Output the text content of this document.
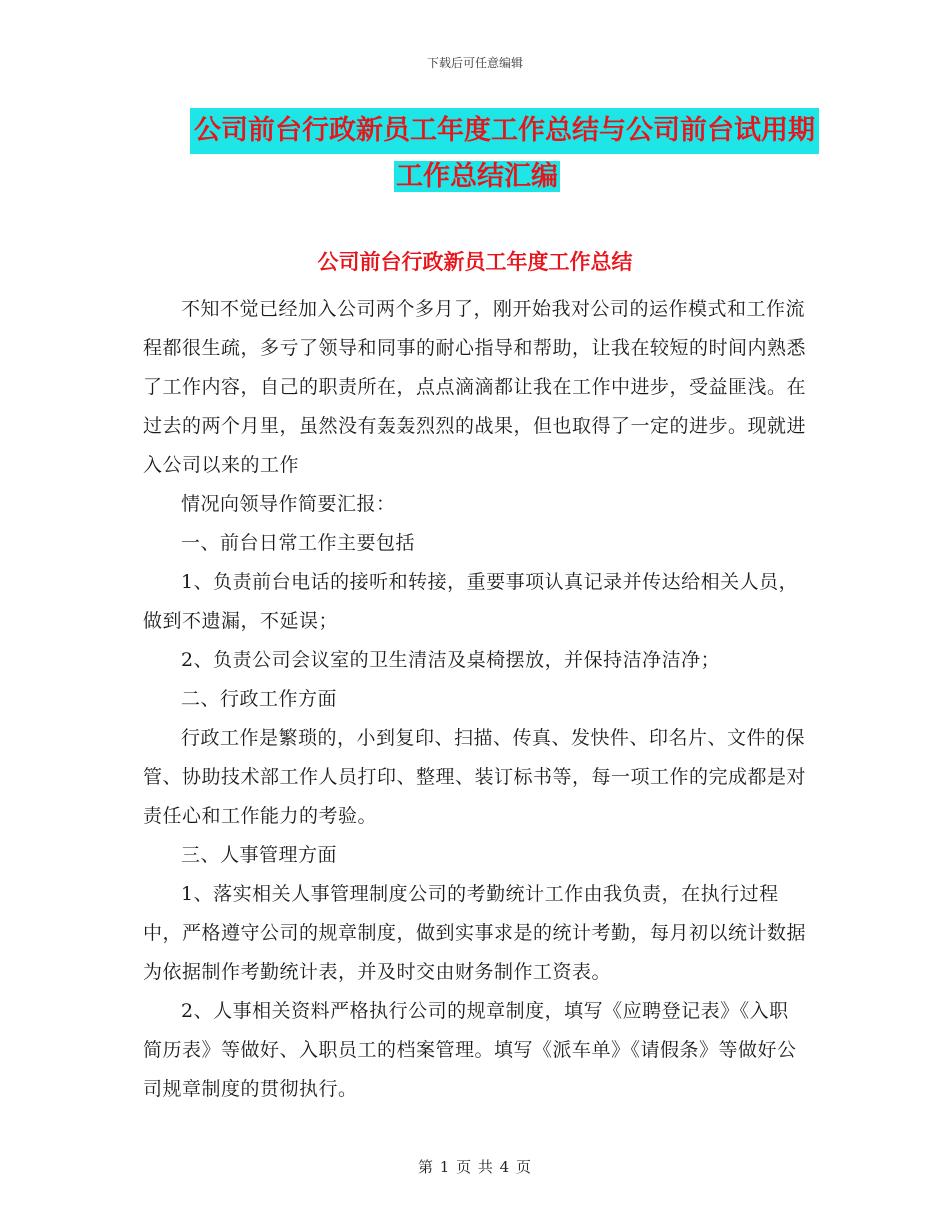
下载后可任意编辑
公司前台行政新员工年度工作总结与公司前台试用期
工作总结汇编
公司前台行政新员工年度工作总结

不知不觉已经加入公司两个多月了，刚开始我对公司的运作模式和工作流程都很生疏，多亏了领导和同事的耐心指导和帮助，让我在较短的时间内熟悉了工作内容，自己的职责所在，点点滴滴都让我在工作中进步，受益匪浅。在过去的两个月里，虽然没有轰轰烈烈的战果，但也取得了一定的进步。现就进入公司以来的工作

情况向领导作简要汇报：

一、前台日常工作主要包括

1、负责前台电话的接听和转接，重要事项认真记录并传达给相关人员，做到不遗漏，不延误；

2、负责公司会议室的卫生清洁及桌椅摆放，并保持洁净洁净；

二、行政工作方面

行政工作是繁琐的，小到复印、扫描、传真、发快件、印名片、文件的保管、协助技术部工作人员打印、整理、装订标书等，每一项工作的完成都是对责任心和工作能力的考验。

三、人事管理方面

1、落实相关人事管理制度公司的考勤统计工作由我负责，在执行过程中，严格遵守公司的规章制度，做到实事求是的统计考勤，每月初以统计数据为依据制作考勤统计表，并及时交由财务制作工资表。

2、人事相关资料严格执行公司的规章制度，填写《应聘登记表》《入职简历表》等做好、入职员工的档案管理。填写《派车单》《请假条》等做好公司规章制度的贯彻执行。

第 1 页 共 4 页
